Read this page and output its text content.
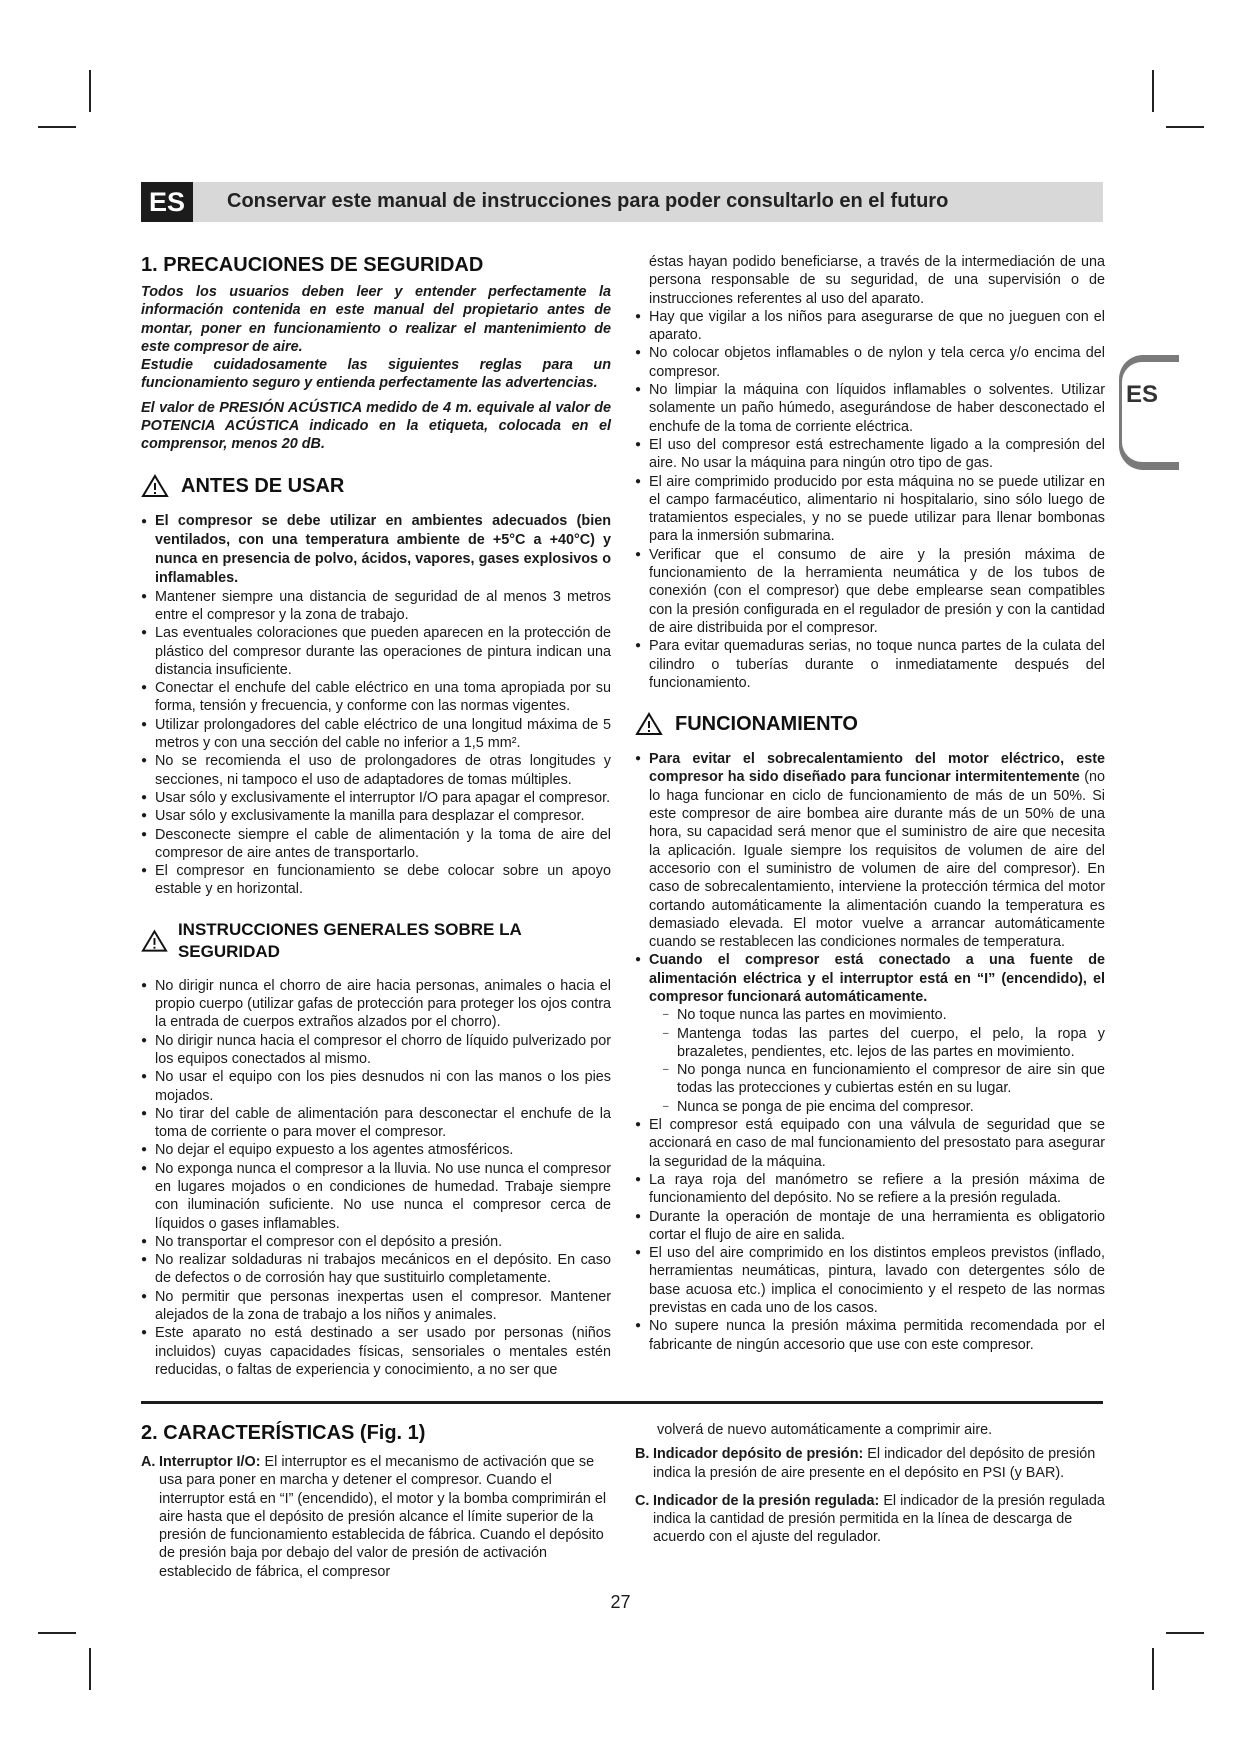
ES	Conservar este manual de instrucciones para poder consultarlo en el futuro
ES
1. PRECAUCIONES DE SEGURIDAD

Todos los usuarios deben leer y entender perfectamente la información contenida en este manual del propietario antes de montar, poner en funcionamiento o realizar el mantenimiento de este compresor de aire.

Estudie cuidadosamente las siguientes reglas para un funcionamiento seguro y entienda perfectamente las advertencias.

El valor de PRESIÓN ACÚSTICA medido de 4 m. equivale al valor de POTENCIA ACÚSTICA indicado en la etiqueta, colocada en el comprensor, menos 20 dB.

ANTES DE USAR
● El compresor se debe utilizar en ambientes adecuados (bien ventilados, con una temperatura ambiente de +5°C a +40°C) y nunca en presencia de polvo, ácidos, vapores, gases explosivos o inflamables.
● Mantener siempre una distancia de seguridad de al menos 3 metros entre el compresor y la zona de trabajo.
● Las eventuales coloraciones que pueden aparecen en la protección de plástico del compresor durante las operaciones de pintura indican una distancia insuficiente.
● Conectar el enchufe del cable eléctrico en una toma apropiada por su forma, tensión y frecuencia, y conforme con las normas vigentes.
● Utilizar prolongadores del cable eléctrico de una longitud máxima de 5 metros y con una sección del cable no inferior a 1,5 mm².
● No se recomienda el uso de prolongadores de otras longitudes y secciones, ni tampoco el uso de adaptadores de tomas múltiples.
● Usar sólo y exclusivamente el interruptor I/O para apagar el compresor.
● Usar sólo y exclusivamente la manilla para desplazar el compresor.
● Desconecte siempre el cable de alimentación y la toma de aire del compresor de aire antes de transportarlo.
● El compresor en funcionamiento se debe colocar sobre un apoyo estable y en horizontal.
INSTRUCCIONES GENERALES SOBRE LA SEGURIDAD
● No dirigir nunca el chorro de aire hacia personas, animales o hacia el propio cuerpo (utilizar gafas de protección para proteger los ojos contra la entrada de cuerpos extraños alzados por el chorro).
● No dirigir nunca hacia el compresor el chorro de líquido pulverizado por los equipos conectados al mismo.
● No usar el equipo con los pies desnudos ni con las manos o los pies mojados.
● No tirar del cable de alimentación para desconectar el enchufe de la toma de corriente o para mover el compresor.
● No dejar el equipo expuesto a los agentes atmosféricos.
● No exponga nunca el compresor a la lluvia. No use nunca el compresor en lugares mojados o en condiciones de humedad. Trabaje siempre con iluminación suficiente. No use nunca el compresor cerca de líquidos o gases inflamables.
● No transportar el compresor con el depósito a presión.
● No realizar soldaduras ni trabajos mecánicos en el depósito. En caso de defectos o de corrosión hay que sustituirlo completamente.
● No permitir que personas inexpertas usen el compresor. Mantener alejados de la zona de trabajo a los niños y animales.
● Este aparato no está destinado a ser usado por personas (niños incluidos) cuyas capacidades físicas, sensoriales o mentales estén reducidas, o faltas de experiencia y conocimiento, a no ser que

éstas hayan podido beneficiarse, a través de la intermediación de una persona responsable de su seguridad, de una supervisión o de instrucciones referentes al uso del aparato.

● Hay que vigilar a los niños para asegurarse de que no jueguen con el aparato.
● No colocar objetos inflamables o de nylon y tela cerca y/o encima del compresor.
● No limpiar la máquina con líquidos inflamables o solventes. Utilizar solamente un paño húmedo, asegurándose de haber desconectado el enchufe de la toma de corriente eléctrica.
● El uso del compresor está estrechamente ligado a la compresión del aire. No usar la máquina para ningún otro tipo de gas.
● El aire comprimido producido por esta máquina no se puede utilizar en el campo farmacéutico, alimentario ni hospitalario, sino sólo luego de tratamientos especiales, y no se puede utilizar para llenar bombonas para la inmersión submarina.
● Verificar que el consumo de aire y la presión máxima de funcionamiento de la herramienta neumática y de los tubos de conexión (con el compresor) que debe emplearse sean compatibles con la presión configurada en el regulador de presión y con la cantidad de aire distribuida por el compresor.
● Para evitar quemaduras serias, no toque nunca partes de la culata del cilindro o tuberías durante o inmediatamente después del funcionamiento.
FUNCIONAMIENTO
● Para evitar el sobrecalentamiento del motor eléctrico, este compresor ha sido diseñado para funcionar intermitentemente (no lo haga funcionar en ciclo de funcionamiento de más de un 50%. Si este compresor de aire bombea aire durante más de un 50% de una hora, su capacidad será menor que el suministro de aire que necesita la aplicación. Iguale siempre los requisitos de volumen de aire del accesorio con el suministro de volumen de aire del compresor). En caso de sobrecalentamiento, interviene la protección térmica del motor cortando automáticamente la alimentación cuando la temperatura es demasiado elevada. El motor vuelve a arrancar automáticamente cuando se restablecen las condiciones normales de temperatura.
● Cuando el compresor está conectado a una fuente de alimentación eléctrica y el interruptor está en “I” (encendido), el compresor funcionará automáticamente.
– No toque nunca las partes en movimiento.
– Mantenga todas las partes del cuerpo, el pelo, la ropa y brazaletes, pendientes, etc. lejos de las partes en movimiento.
– No ponga nunca en funcionamiento el compresor de aire sin que todas las protecciones y cubiertas estén en su lugar.
– Nunca se ponga de pie encima del compresor.
● El compresor está equipado con una válvula de seguridad que se accionará en caso de mal funcionamiento del presostato para asegurar la seguridad de la máquina.
● La raya roja del manómetro se refiere a la presión máxima de funcionamiento del depósito. No se refiere a la presión regulada.
● Durante la operación de montaje de una herramienta es obligatorio cortar el flujo de aire en salida.
● El uso del aire comprimido en los distintos empleos previstos (inflado, herramientas neumáticas, pintura, lavado con detergentes sólo de base acuosa etc.) implica el conocimiento y el respeto de las normas previstas en cada uno de los casos.
● No supere nunca la presión máxima permitida recomendada por el fabricante de ningún accesorio que use con este compresor.
2. CARACTERÍSTICAS (Fig. 1)
A. Interruptor I/O: El interruptor es el mecanismo de activación que se usa para poner en marcha y detener el compresor. Cuando el interruptor está en “I” (encendido), el motor y la bomba comprimirán el aire hasta que el depósito de presión alcance el límite superior de la presión de funcionamiento establecida de fábrica. Cuando el depósito de presión baja por debajo del valor de presión de activación establecido de fábrica, el compresor

volverá de nuevo automáticamente a comprimir aire.

B. Indicador depósito de presión: El indicador del depósito de presión indica la presión de aire presente en el depósito en PSI (y BAR).
C. Indicador de la presión regulada: El indicador de la presión regulada indica la cantidad de presión permitida en la línea de descarga de acuerdo con el ajuste del regulador.
27
